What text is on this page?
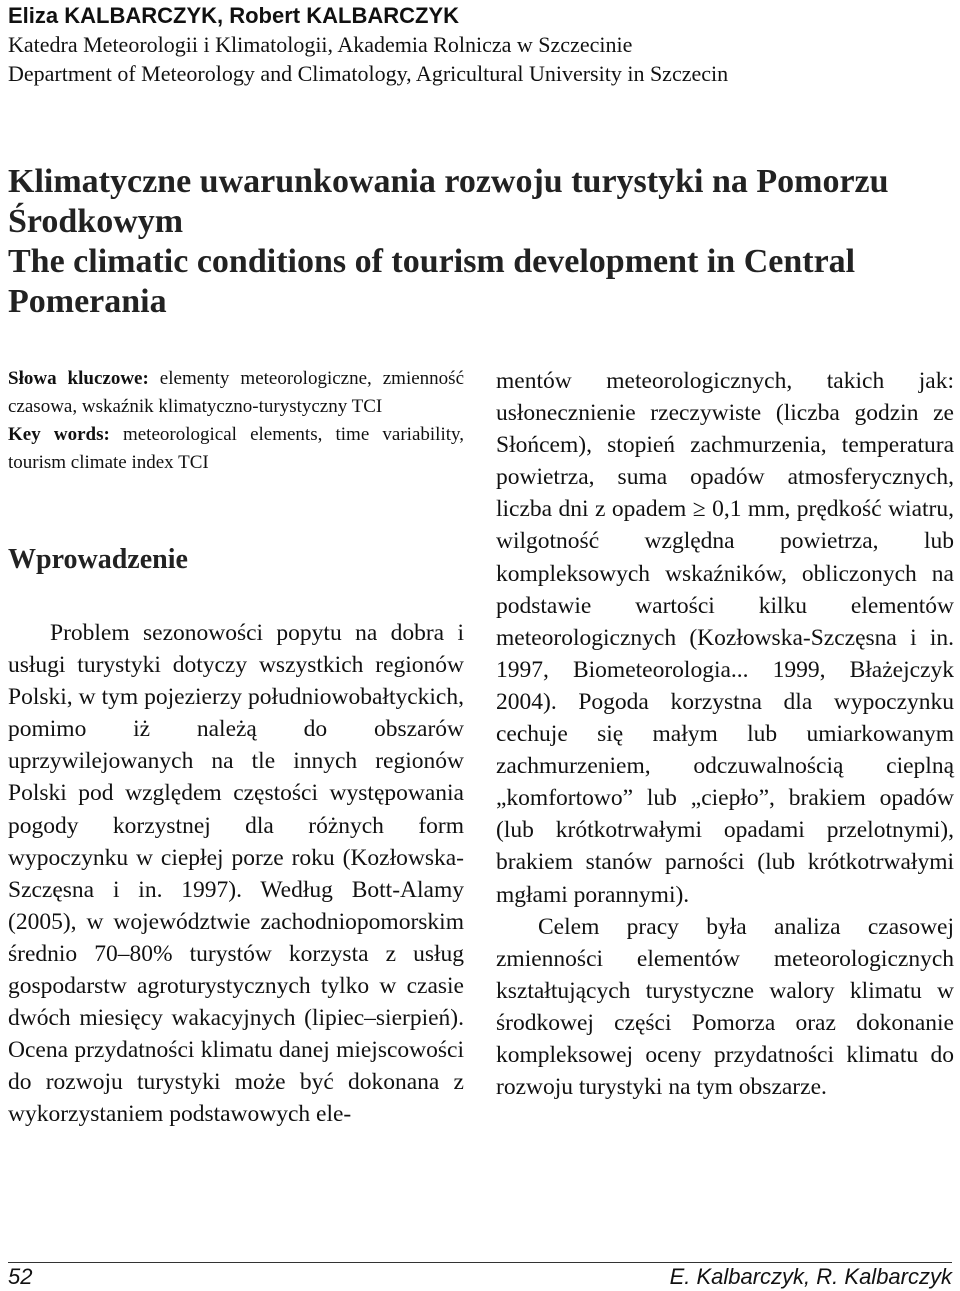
Eliza KALBARCZYK, Robert KALBARCZYK

Katedra Meteorologii i Klimatologii, Akademia Rolnicza w Szczecinie

Department of Meteorology and Climatology, Agricultural University in Szczecin

Klimatyczne uwarunkowania rozwoju turystyki na Pomorzu Środkowym
The climatic conditions of tourism development in Central Pomerania

Słowa kluczowe: elementy meteorologiczne, zmienność czasowa, wskaźnik klimatyczno-turystyczny TCI

Key words: meteorological elements, time variability, tourism climate index TCI

Wprowadzenie

Problem sezonowości popytu na dobra i usługi turystyki dotyczy wszystkich regionów Polski, w tym pojezierzy południowobałtyckich, pomimo iż należą do obszarów uprzywilejowanych na tle innych regionów Polski pod względem częstości występowania pogody korzystnej dla różnych form wypoczynku w ciepłej porze roku (Kozłowska-Szczęsna i in. 1997). Według Bott-Alamy (2005), w województwie zachodniopomorskim średnio 70–80% turystów korzysta z usług gospodarstw agroturystycznych tylko w czasie dwóch miesięcy wakacyjnych (lipiec–sierpień). Ocena przydatności klimatu danej miejscowości do rozwoju turystyki może być dokonana z wykorzystaniem podstawowych ele-

mentów meteorologicznych, takich jak: usłonecznienie rzeczywiste (liczba godzin ze Słońcem), stopień zachmurzenia, temperatura powietrza, suma opadów atmosferycznych, liczba dni z opadem ≥ 0,1 mm, prędkość wiatru, wilgotność względna powietrza, lub kompleksowych wskaźników, obliczonych na podstawie wartości kilku elementów meteorologicznych (Kozłowska-Szczęsna i in. 1997, Biometeorologia... 1999, Błażejczyk 2004). Pogoda korzystna dla wypoczynku cechuje się małym lub umiarkowanym zachmurzeniem, odczuwalnością cieplną „komfortowo” lub „ciepło”, brakiem opadów (lub krótkotrwałymi opadami przelotnymi), brakiem stanów parności (lub krótkotrwałymi mgłami porannymi).

Celem pracy była analiza czasowej zmienności elementów meteorologicznych kształtujących turystyczne walory klimatu w środkowej części Pomorza oraz dokonanie kompleksowej oceny przydatności klimatu do rozwoju turystyki na tym obszarze.

52	E. Kalbarczyk, R. Kalbarczyk
